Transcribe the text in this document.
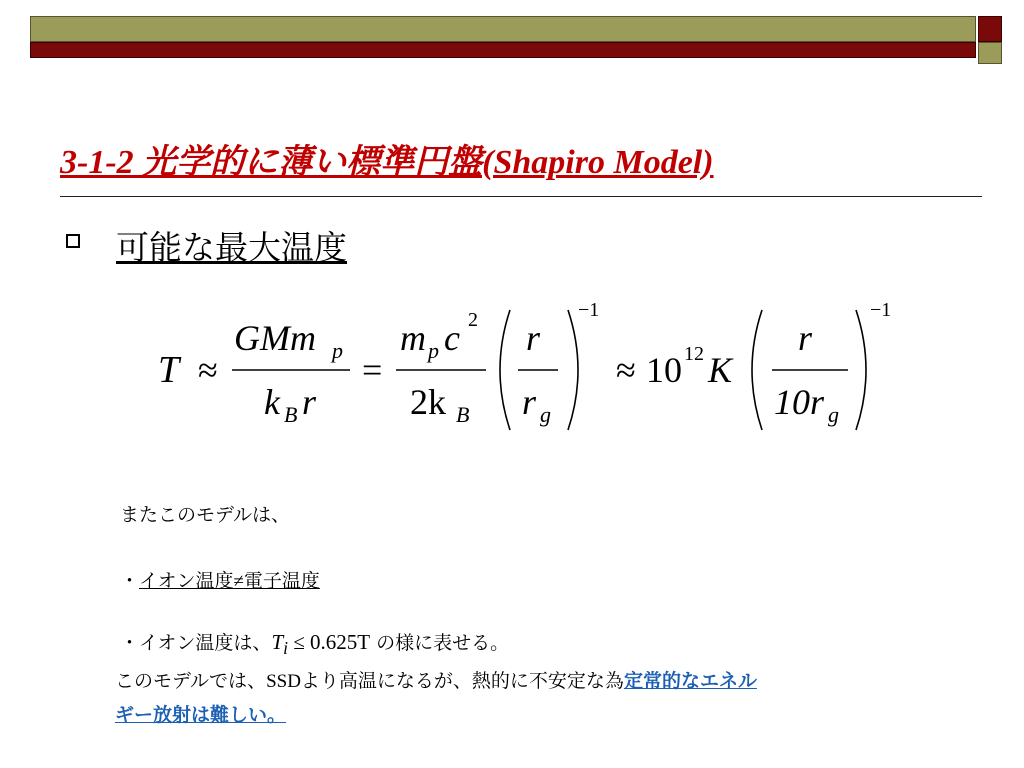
3-1-2 光学的に薄い標準円盤(Shapiro Model)
可能な最大温度
T ≈
GMm p
k B r
=
m p c 2
2k B
r
r g
−1
≈ 10 12 K
r
10r g
−1
またこのモデルは、
・イオン温度≠電子温度
・イオン温度は、$T_i \le 0.625T$ の様に表せる。
このモデルでは、SSDより高温になるが、熱的に不安定な為定常的なエネル
ギー放射は難しい。
